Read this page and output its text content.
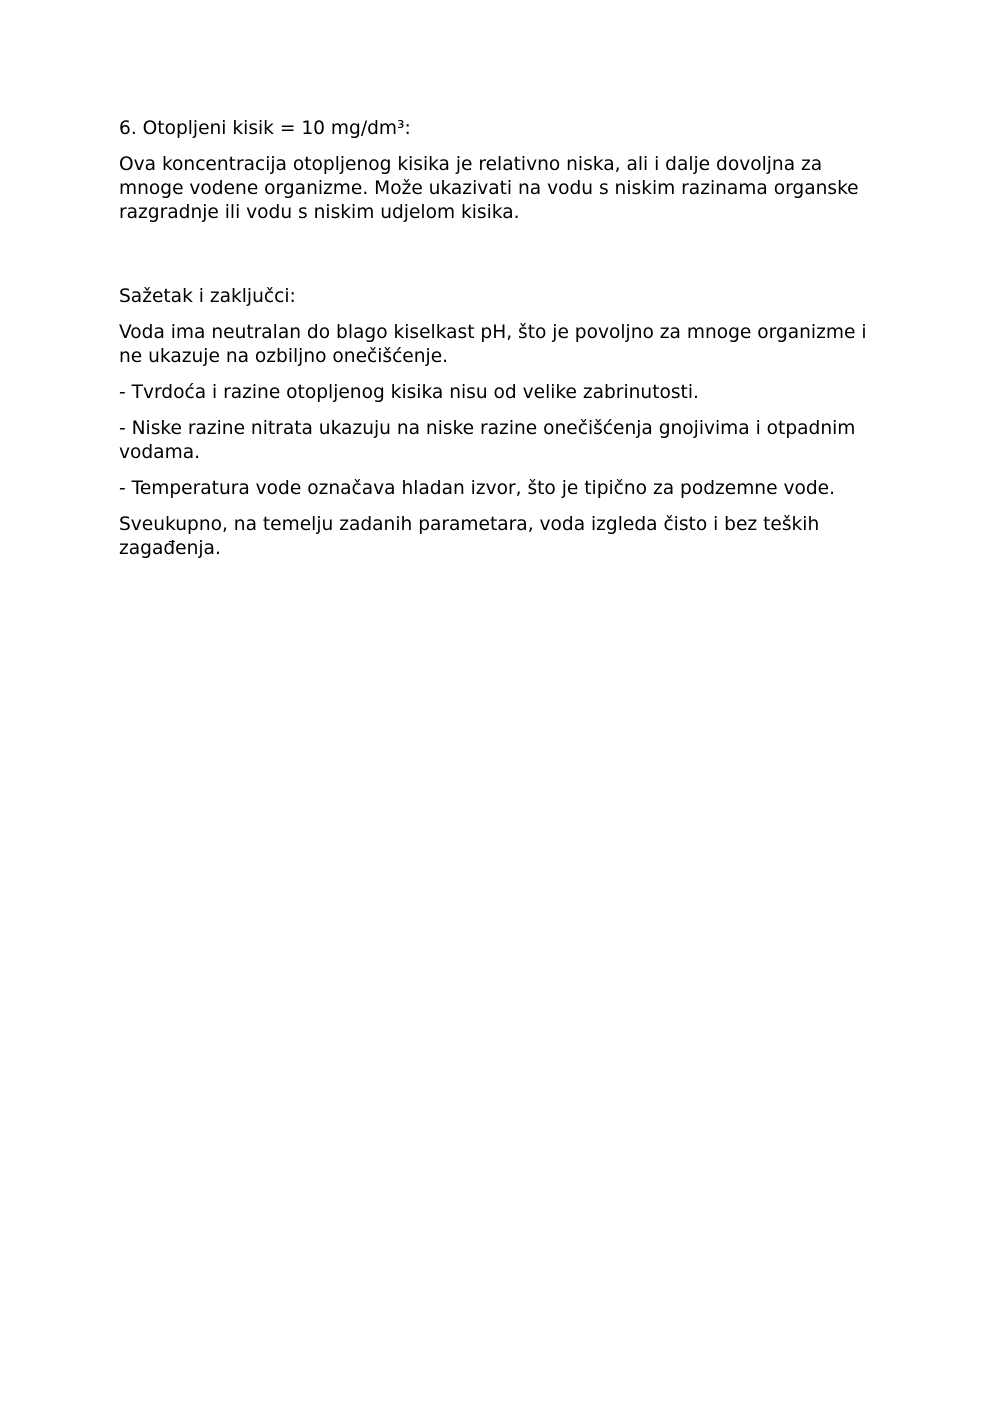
6. Otopljeni kisik = 10 mg/dm³:

Ova koncentracija otopljenog kisika je relativno niska, ali i dalje dovoljna za mnoge vodene organizme. Može ukazivati na vodu s niskim razinama organske razgradnje ili vodu s niskim udjelom kisika.

Sažetak i zaključci:

Voda ima neutralan do blago kiselkast pH, što je povoljno za mnoge organizme i ne ukazuje na ozbiljno onečišćenje.

- Tvrdoća i razine otopljenog kisika nisu od velike zabrinutosti.

- Niske razine nitrata ukazuju na niske razine onečišćenja gnojivima i otpadnim vodama.

- Temperatura vode označava hladan izvor, što je tipično za podzemne vode.

Sveukupno, na temelju zadanih parametara, voda izgleda čisto i bez teških zagađenja.
